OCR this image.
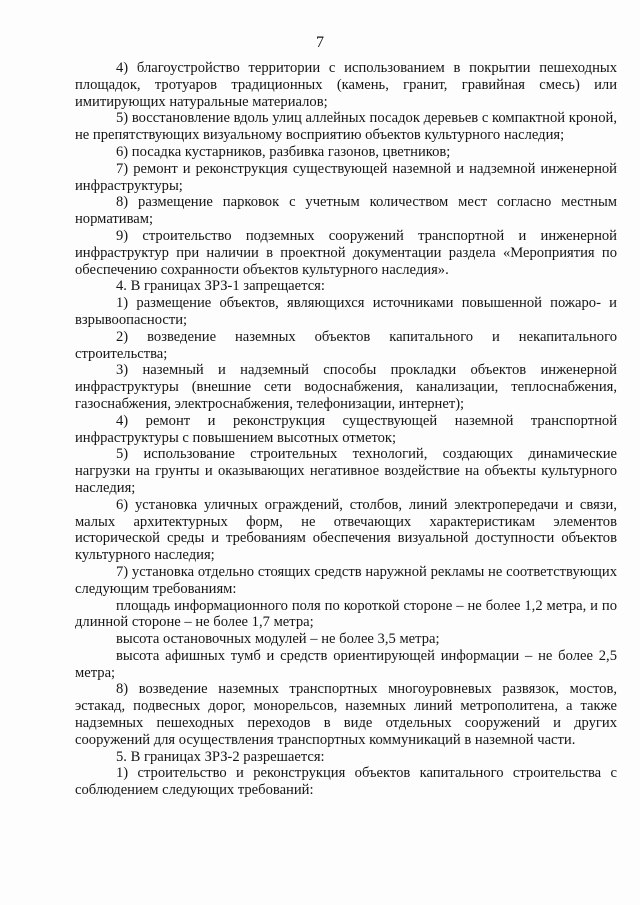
7

4) благоустройство территории с использованием в покрытии пешеходных площадок, тротуаров традиционных (камень, гранит, гравийная смесь) или имитирующих натуральные материалов;

5) восстановление вдоль улиц аллейных посадок деревьев с компактной кроной, не препятствующих визуальному восприятию объектов культурного наследия;

6) посадка кустарников, разбивка газонов, цветников;

7) ремонт и реконструкция существующей наземной и надземной инженерной инфраструктуры;

8) размещение парковок с учетным количеством мест согласно местным нормативам;

9) строительство подземных сооружений транспортной и инженерной инфраструктур при наличии в проектной документации раздела «Мероприятия по обеспечению сохранности объектов культурного наследия».

4. В границах ЗРЗ-1 запрещается:

1) размещение объектов, являющихся источниками повышенной пожаро- и взрывоопасности;

2) возведение наземных объектов капитального и некапитального строительства;

3) наземный и надземный способы прокладки объектов инженерной инфраструктуры (внешние сети водоснабжения, канализации, теплоснабжения, газоснабжения, электроснабжения, телефонизации, интернет);

4) ремонт и реконструкция существующей наземной транспортной инфраструктуры с повышением высотных отметок;

5) использование строительных технологий, создающих динамические нагрузки на грунты и оказывающих негативное воздействие на объекты культурного наследия;

6) установка уличных ограждений, столбов, линий электропередачи и связи, малых архитектурных форм, не отвечающих характеристикам элементов исторической среды и требованиям обеспечения визуальной доступности объектов культурного наследия;

7) установка отдельно стоящих средств наружной рекламы не соответствующих следующим требованиям:

площадь информационного поля по короткой стороне – не более 1,2 метра, и по длинной стороне – не более 1,7 метра;

высота остановочных модулей – не более 3,5 метра;

высота афишных тумб и средств ориентирующей информации – не более 2,5 метра;

8) возведение наземных транспортных многоуровневых развязок, мостов, эстакад, подвесных дорог, монорельсов, наземных линий метрополитена, а также надземных пешеходных переходов в виде отдельных сооружений и других сооружений для осуществления транспортных коммуникаций в наземной части.

5. В границах ЗРЗ-2 разрешается:

1) строительство и реконструкция объектов капитального строительства с соблюдением следующих требований:
